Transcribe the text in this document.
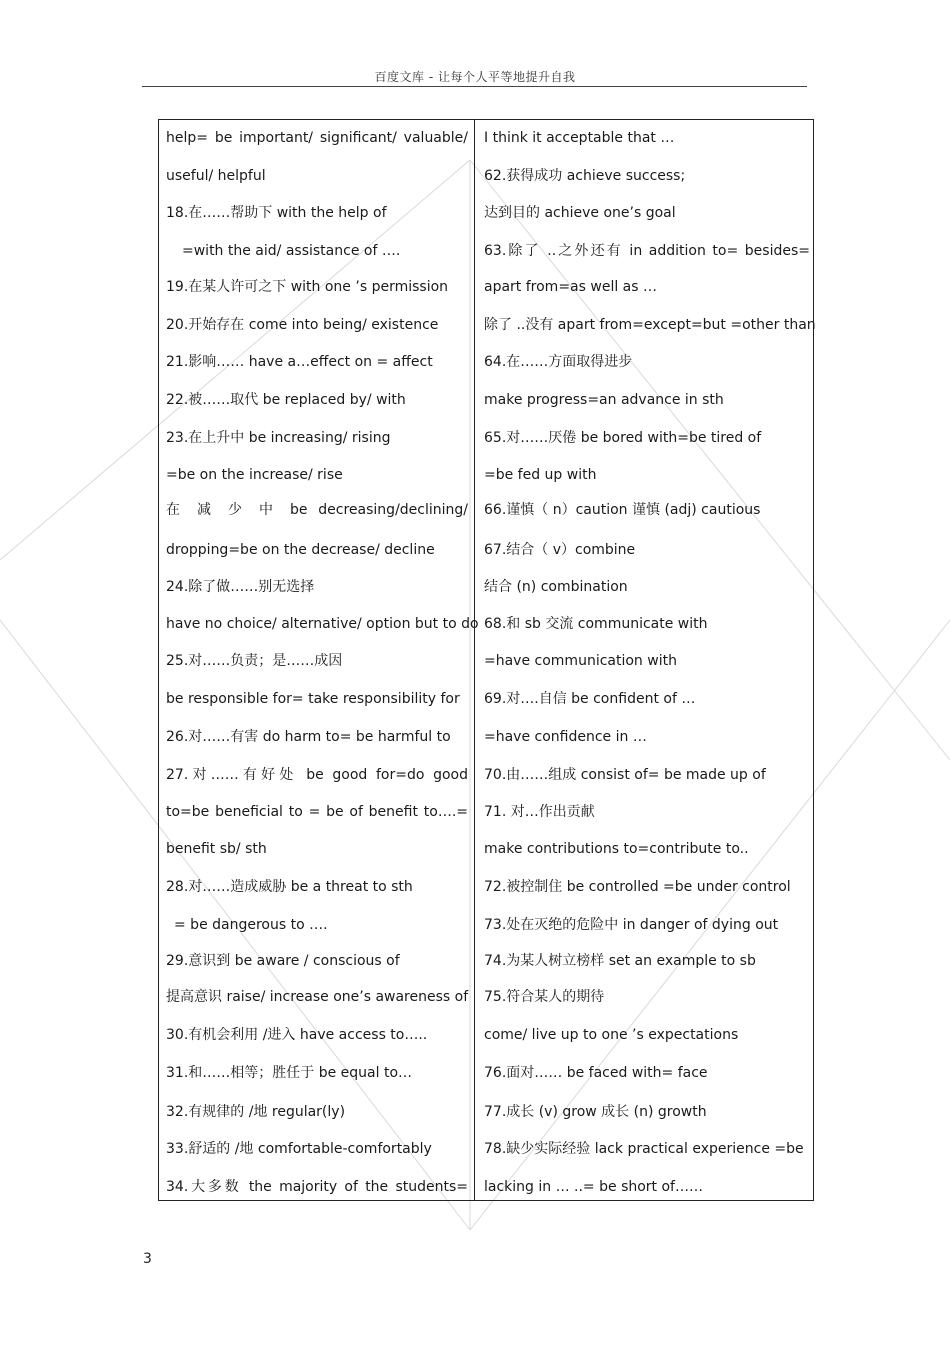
百度文库 - 让每个人平等地提升自我
help= be important/ significant/ valuable/
useful/ helpful
18.在……帮助下 with the help of
=with the aid/ assistance of ….
19.在某人许可之下 with one ’s permission
20.开始存在 come into being/ existence
21.影响…… have a…effect on = affect
22.被……取代 be replaced by/ with
23.在上升中 be increasing/ rising
=be on the increase/ rise
在 减 少 中 be decreasing/declining/
dropping=be on the decrease/ decline
24.除了做……别无选择
have no choice/ alternative/ option but to do
25.对……负责；是……成因
be responsible for= take responsibility for
26.对……有害 do harm to= be harmful to
27.对……有好处 be good for=do good
to=be beneficial to = be of benefit to….=
benefit sb/ sth
28.对……造成威胁 be a threat to sth
= be dangerous to ….
29.意识到 be aware / conscious of
提高意识 raise/ increase one’s awareness of
30.有机会利用 /进入 have access to…..
31.和……相等；胜任于 be equal to…
32.有规律的 /地 regular(ly)
33.舒适的 /地 comfortable-comfortably
34.大多数 the majority of the students=
I think it acceptable that …
62.获得成功 achieve success;
达到目的 achieve one’s goal
63.除了 ..之外还有 in addition to= besides=
apart from=as well as …
除了 ..没有 apart from=except=but =other than
64.在……方面取得进步
make progress=an advance in sth
65.对……厌倦 be bored with=be tired of
=be fed up with
66.谨慎（ n）caution 谨慎 (adj) cautious
67.结合（ v）combine
结合 (n) combination
68.和 sb 交流 communicate with
=have communication with
69.对….自信 be confident of …
=have confidence in …
70.由……组成 consist of= be made up of
71. 对…作出贡献
make contributions to=contribute to..
72.被控制住 be controlled =be under control
73.处在灭绝的危险中 in danger of dying out
74.为某人树立榜样 set an example to sb
75.符合某人的期待
come/ live up to one ’s expectations
76.面对…… be faced with= face
77.成长 (v) grow 成长 (n) growth
78.缺少实际经验 lack practical experience =be
lacking in … ..= be short of……
3
